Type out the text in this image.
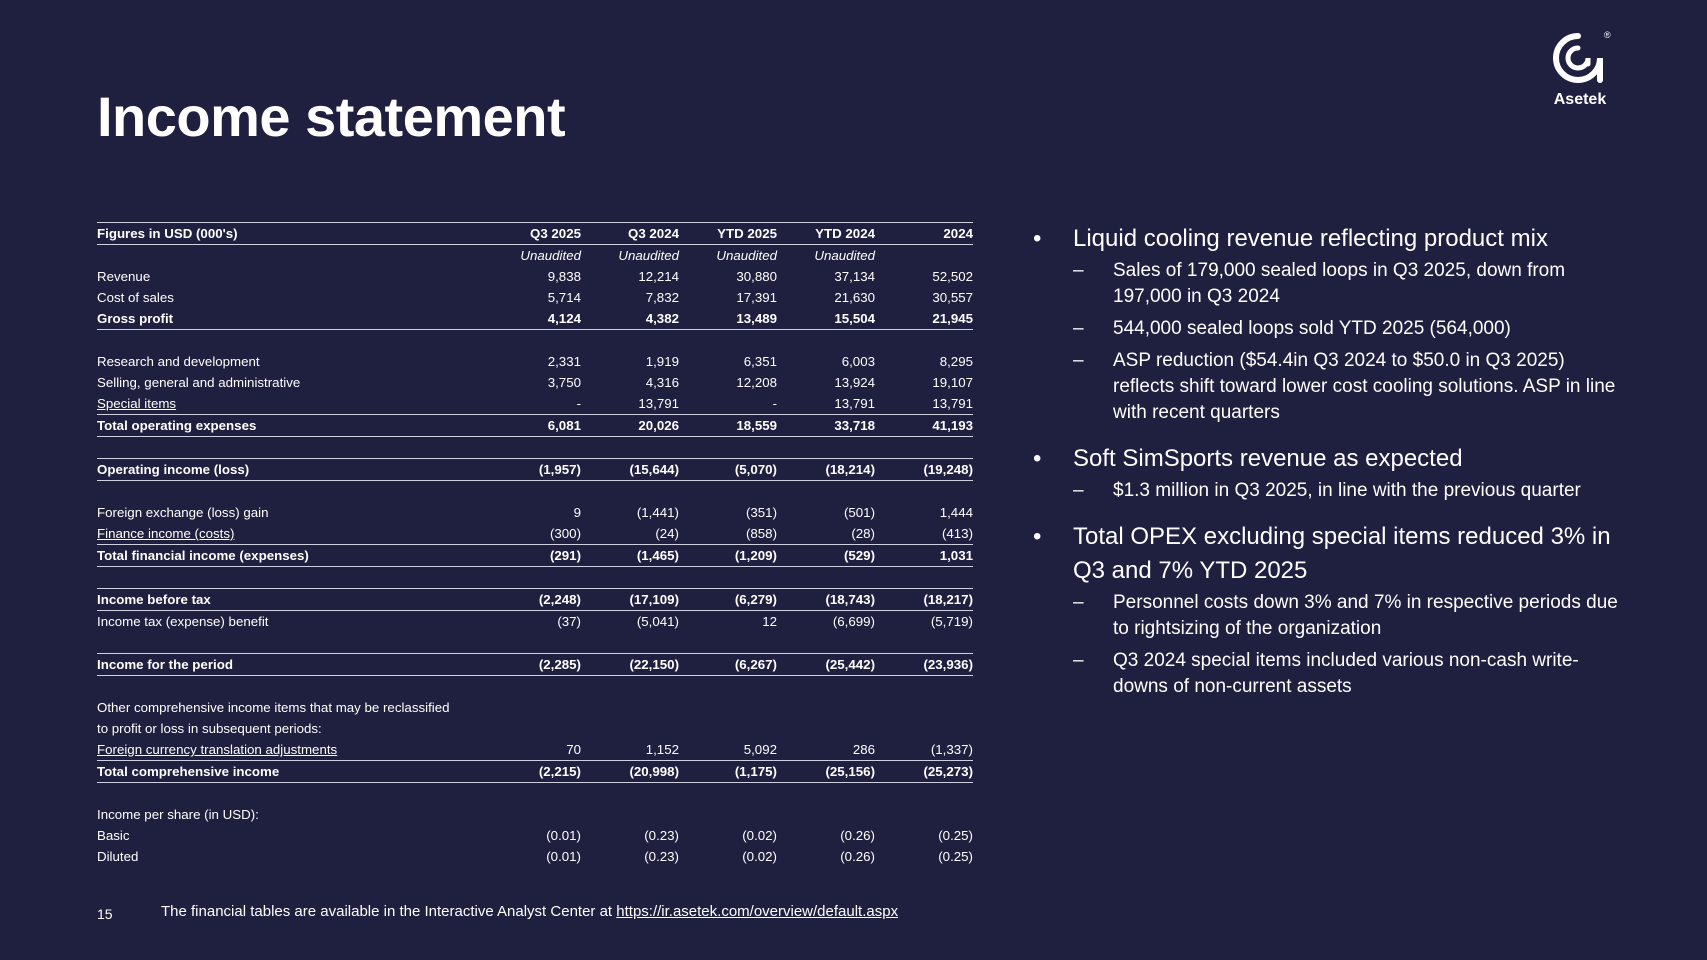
Income statement
®
Asetek
Figures in USD (000's)	Q3 2025	Q3 2024	YTD 2025	YTD 2024	2024
	Unaudited	Unaudited	Unaudited	Unaudited	
Revenue	9,838	12,214	30,880	37,134	52,502
Cost of sales	5,714	7,832	17,391	21,630	30,557
Gross profit	4,124	4,382	13,489	15,504	21,945

Research and development	2,331	1,919	6,351	6,003	8,295
Selling, general and administrative	3,750	4,316	12,208	13,924	19,107
Special items	-	13,791	-	13,791	13,791
Total operating expenses	6,081	20,026	18,559	33,718	41,193

Operating income (loss)	(1,957)	(15,644)	(5,070)	(18,214)	(19,248)

Foreign exchange (loss) gain	9	(1,441)	(351)	(501)	1,444
Finance income (costs)	(300)	(24)	(858)	(28)	(413)
Total financial income (expenses)	(291)	(1,465)	(1,209)	(529)	1,031

Income before tax	(2,248)	(17,109)	(6,279)	(18,743)	(18,217)
Income tax (expense) benefit	(37)	(5,041)	12	(6,699)	(5,719)

Income for the period	(2,285)	(22,150)	(6,267)	(25,442)	(23,936)

Other comprehensive income items that may be reclassified					
to profit or loss in subsequent periods:					
Foreign currency translation adjustments	70	1,152	5,092	286	(1,337)
Total comprehensive income	(2,215)	(20,998)	(1,175)	(25,156)	(25,273)

Income per share (in USD):					
Basic	(0.01)	(0.23)	(0.02)	(0.26)	(0.25)
Diluted	(0.01)	(0.23)	(0.02)	(0.26)	(0.25)
• Liquid cooling revenue reflecting product mix
– Sales of 179,000 sealed loops in Q3 2025, down from 197,000 in Q3 2024
– 544,000 sealed loops sold YTD 2025 (564,000)
– ASP reduction ($54.4in Q3 2024 to $50.0 in Q3 2025) reflects shift toward lower cost cooling solutions. ASP in line with recent quarters
• Soft SimSports revenue as expected
– $1.3 million in Q3 2025, in line with the previous quarter
• Total OPEX excluding special items reduced 3% in Q3 and 7% YTD 2025
– Personnel costs down 3% and 7% in respective periods due to rightsizing of the organization
– Q3 2024 special items included various non-cash write-downs of non-current assets
15	The financial tables are available in the Interactive Analyst Center at https://ir.asetek.com/overview/default.aspx
